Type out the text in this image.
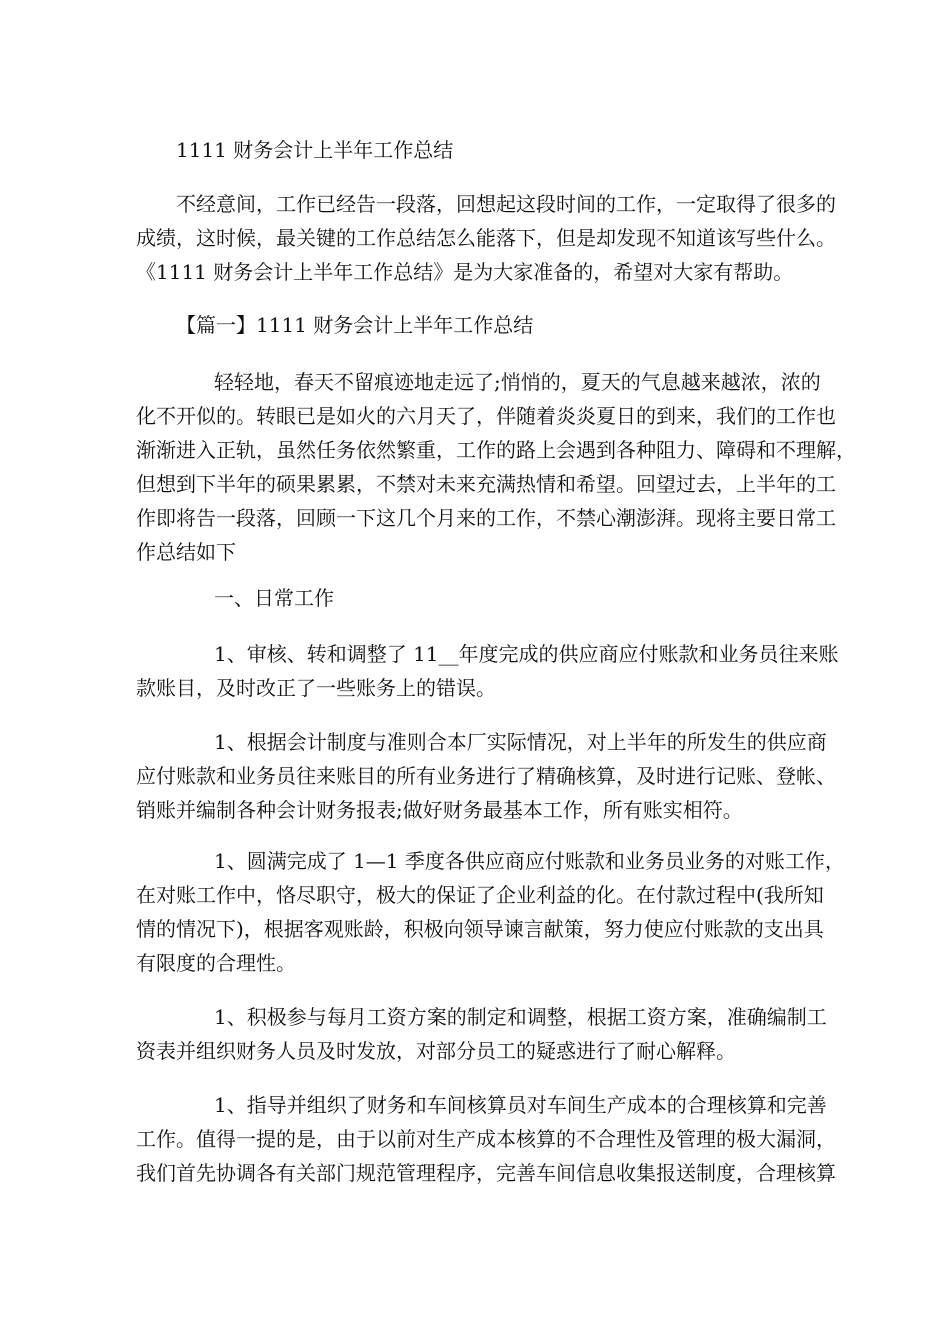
1111 财务会计上半年工作总结
不经意间，工作已经告一段落，回想起这段时间的工作，一定取得了很多的
成绩，这时候，最关键的工作总结怎么能落下，但是却发现不知道该写些什么。
《1111 财务会计上半年工作总结》是为大家准备的，希望对大家有帮助。
【篇一】1111 财务会计上半年工作总结
轻轻地，春天不留痕迹地走远了;悄悄的，夏天的气息越来越浓，浓的
化不开似的。转眼已是如火的六月天了，伴随着炎炎夏日的到来，我们的工作也
渐渐进入正轨，虽然任务依然繁重，工作的路上会遇到各种阻力、障碍和不理解，
但想到下半年的硕果累累，不禁对未来充满热情和希望。回望过去，上半年的工
作即将告一段落，回顾一下这几个月来的工作，不禁心潮澎湃。现将主要日常工
作总结如下
一、日常工作
1、审核、转和调整了 11__年度完成的供应商应付账款和业务员往来账
款账目，及时改正了一些账务上的错误。
1、根据会计制度与准则合本厂实际情况，对上半年的所发生的供应商
应付账款和业务员往来账目的所有业务进行了精确核算，及时进行记账、登帐、
销账并编制各种会计财务报表;做好财务最基本工作，所有账实相符。
1、圆满完成了 1—1 季度各供应商应付账款和业务员业务的对账工作，
在对账工作中，恪尽职守，极大的保证了企业利益的化。在付款过程中(我所知
情的情况下)，根据客观账龄，积极向领导谏言献策，努力使应付账款的支出具
有限度的合理性。
1、积极参与每月工资方案的制定和调整，根据工资方案，准确编制工
资表并组织财务人员及时发放，对部分员工的疑惑进行了耐心解释。
1、指导并组织了财务和车间核算员对车间生产成本的合理核算和完善
工作。值得一提的是，由于以前对生产成本核算的不合理性及管理的极大漏洞，
我们首先协调各有关部门规范管理程序，完善车间信息收集报送制度，合理核算
